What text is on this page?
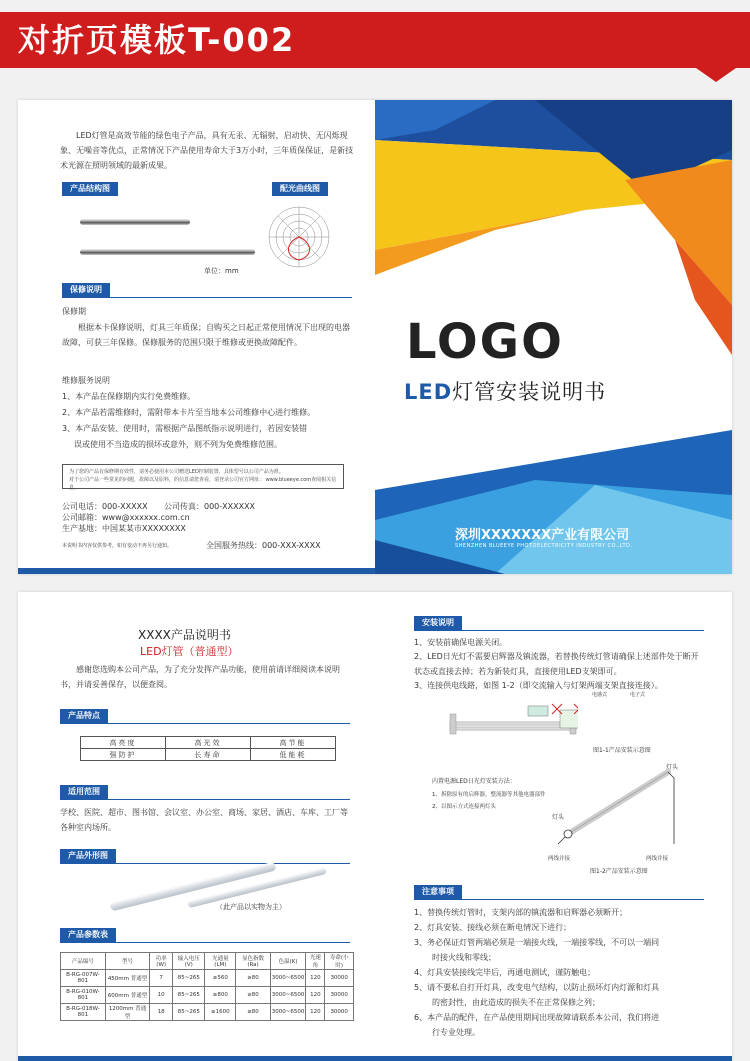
对折页模板T-002
LED灯管是高效节能的绿色电子产品，具有无汞、无辐射，启动快、无闪烁现象、无噪音等优点，正常情况下产品使用寿命大于3万小时，三年质保保证，是新技术光源在照明领域的最新成果。
产品结构图	配光曲线图
单位：mm
保修说明
保修期
根据本卡保修说明，灯具三年质保；自购买之日起正常使用情况下出现的电器故障，可获三年保修。保修服务的范围只限于维修或更换故障配件。
维修服务说明
1、本产品在保修期内实行免费维修。
2、本产品若需维修时，需附带本卡片至当地本公司维修中心进行维修。
3、本产品安装、使用时，需根据产品图纸指示说明进行，若因安装错
误或使用不当造成的损坏或意外，则不列为免费维修范围。
为了您的产品有保修期有效性，请务必使用本公司赠送LED控制装置，具体型号以公司产品为准。
对于公司产品一些常见的问题，故障以及原料，的信息请您查看，请登录公司官方网址： www.blueeye.com查阅相关信息。
公司电话：000-XXXXX 公司传真：000-XXXXXX
公司邮箱：www@xxxxxx.com.cn
生产基地：中国某某市XXXXXXXX
本说明书内容仅供参考，如有变动不再另行通知。	全国服务热线：000-XXX-XXXX
LOGO
LED灯管安装说明书
深圳XXXXXXX产业有限公司
SHENZHEN BLUEEYE PHOTOELECTRICITY INDUSTRY CO.,LTD.
XXXX产品说明书
LED灯管（普通型）
感谢您选购本公司产品，为了充分发挥产品功能，使用前请详细阅读本说明书，并请妥善保存，以便查阅。
产品特点
高亮度	高光效	高节能
强防护	长寿命	低能耗
适用范围
学校、医院、超市、图书馆、会议室、办公室、商场、家居、酒店、车库、工厂等各种室内场所。
产品外形图
（此产品以实物为主）
产品参数表
产品编号	型号	功率(W)	输入电压(V)	光通量(LM)	显色指数(Ra)	色温(K)	光速角	寿命(小时)
B-RG-007W-801	450mm 普通型	7	85~265	≥560	≥80	3000~6500	120	30000
B-RG-010W-801	600mm 普通型	10	85~265	≥800	≥80	3000~6500	120	30000
B-RG-018W-801	1200mm 普通型	18	85~265	≥1600	≥80	3000~6500	120	30000
安装说明
1、安装前确保电源关闭。
2、LED日光灯不需要启辉器及镇流器，若替换传统灯管请确保上述部件处于断开状态或直接去掉；若为新装灯具，直接使用LED支架即可。
3、连接供电线路，如图 1-2（即交流输入与灯架两端支架直接连接）。
电感式	电子式
图1-1产品安装示意图
内置电源LED日光灯安装方法：
1、拆除原有的启辉器，整流器等其他电器部件
2、以图示方式连接两灯头
灯头
灯头
两线并接	两线并接
图1-2产品安装示意图
注意事项
1、替换传统灯管时，支架内部的镇流器和启辉器必须断开；
2、灯具安装、接线必须在断电情况下进行；
3、务必保证灯管两端必须是一端接火线，一端接零线，不可以一端同
时接火线和零线；
4、灯具安装接线完毕后，再通电测试，谨防触电；
5、请不要私自打开灯具，改变电气结构，以防止损坏灯内灯源和灯具
的密封性，由此造成的损失不在正常保修之列；
6、本产品的配件，在产品使用期间出现故障请联系本公司，我们将进
行专业处理。
